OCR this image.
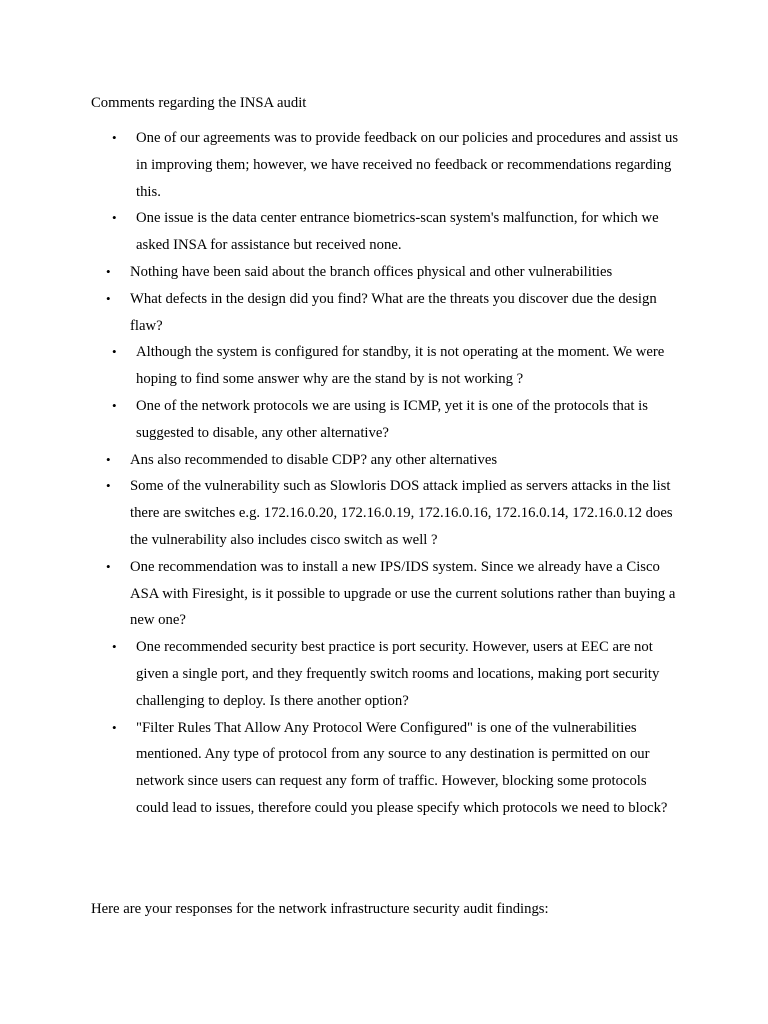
Comments regarding the INSA audit
• One of our agreements was to provide feedback on our policies and procedures and assist us in improving them; however, we have received no feedback or recommendations regarding this.
• One issue is the data center entrance biometrics-scan system's malfunction, for which we asked INSA for assistance but received none.
• Nothing have been said about the branch offices physical and other vulnerabilities
• What defects in the design did you find? What are the threats you discover due the design flaw?
• Although the system is configured for standby, it is not operating at the moment. We were hoping to find some answer why are the stand by is not working ?
• One of the network protocols we are using is ICMP, yet it is one of the protocols that is suggested to disable, any other alternative?
• Ans also recommended to disable CDP? any other alternatives
• Some of the vulnerability such as Slowloris DOS attack implied as servers attacks in the list there are switches e.g. 172.16.0.20, 172.16.0.19, 172.16.0.16, 172.16.0.14, 172.16.0.12 does the vulnerability also includes cisco switch as well ?
• One recommendation was to install a new IPS/IDS system. Since we already have a Cisco ASA with Firesight, is it possible to upgrade or use the current solutions rather than buying a new one?
• One recommended security best practice is port security. However, users at EEC are not given a single port, and they frequently switch rooms and locations, making port security challenging to deploy. Is there another option?
• "Filter Rules That Allow Any Protocol Were Configured" is one of the vulnerabilities mentioned. Any type of protocol from any source to any destination is permitted on our network since users can request any form of traffic. However, blocking some protocols could lead to issues, therefore could you please specify which protocols we need to block?
Here are your responses for the network infrastructure security audit findings:
